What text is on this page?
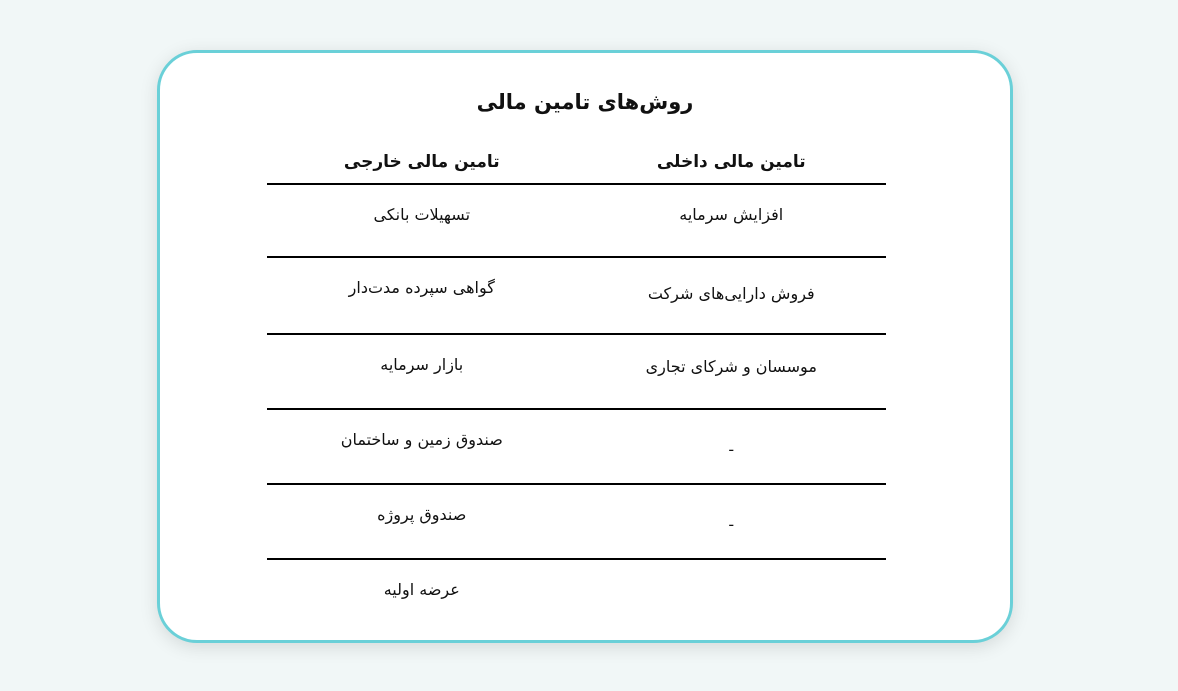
روش‌های تامین مالی
تامین مالی داخلی	تامین مالی خارجی
افزایش سرمایه	تسهیلات بانکی
فروش دارایی‌های شرکت	گواهی سپرده مدت‌دار
موسسان و شرکای تجاری	بازار سرمایه
-	صندوق زمین و ساختمان
-	صندوق پروژه
	عرضه اولیه
